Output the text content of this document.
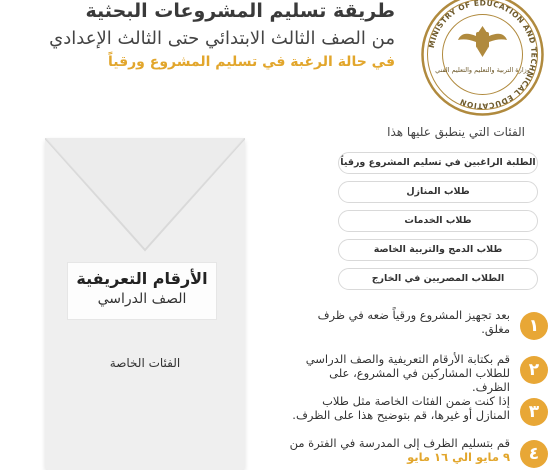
طريقة تسليم المشروعات البحثية
من الصف الثالث الابتدائي حتى الثالث الإعدادي
في حالة الرغبة في تسليم المشروع ورقياً
MINISTRY OF EDUCATION AND TECHNICAL EDUCATION
وزارة التربية والتعليم والتعليم الفني
الأرقام التعريفية
الصف الدراسي
الفئات الخاصة
الفئات التي ينطبق عليها هذا
الطلبة الراغبين في تسليم المشروع ورقياً
طلاب المنازل
طلاب الخدمات
طلاب الدمج والتربية الخاصة
الطلاب المصريين في الخارج
١
بعد تجهيز المشروع ورقياً ضعه في ظرف مغلق.
٢
قم بكتابة الأرقام التعريفية والصف الدراسي للطلاب المشاركين في المشروع، على الظرف.
٣
إذا كنت ضمن الفئات الخاصة مثل طلاب المنازل أو غيرها، قم بتوضيح هذا على الظرف.
٤
قم بتسليم الظرف إلى المدرسة في الفترة من ٩ مايو الي ١٦ مايو
